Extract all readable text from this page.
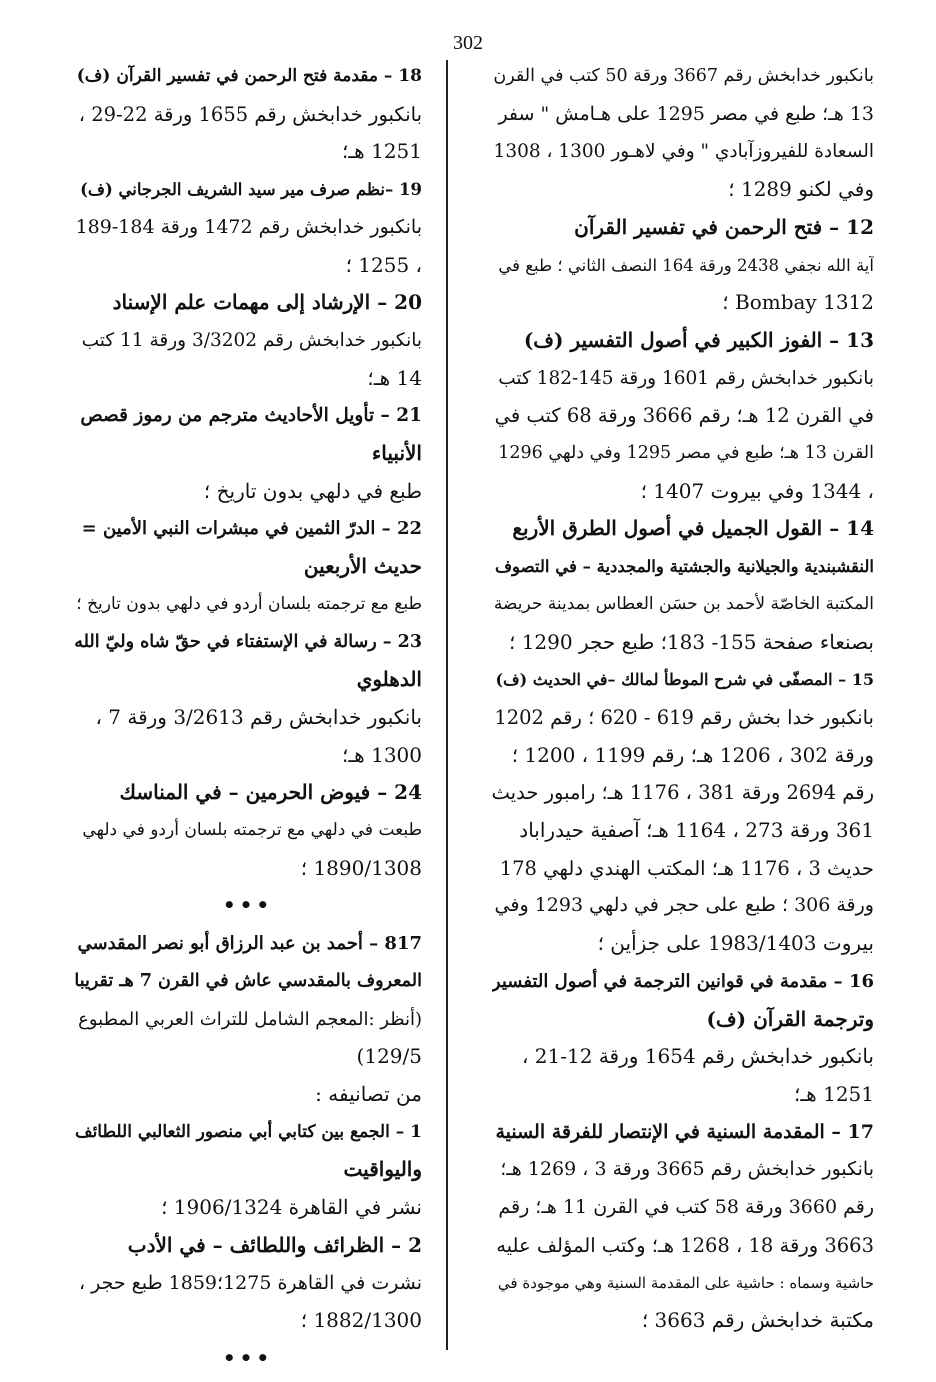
302
بانكبور خدابخش رقم 3667 ورقة 50 كتب في القرن
13 هـ؛ طبع في مصر 1295 على هـامش " سفر
السعادة للفيروزآبادي " وفي لاهـور 1300 ، 1308
وفي لكنو 1289 ؛
12 – فتح الرحمن في تفسير القرآن
آية الله نجفي 2438 ورقة 164 النصف الثاني ؛ طبع في
1312 Bombay ؛
13 – الفوز الكبير في أصول التفسير (ف)
بانكبور خدابخش رقم 1601 ورقة 145-182 كتب
في القرن 12 هـ؛ رقم 3666 ورقة 68 كتب في
القرن 13 هـ؛ طبع في مصر 1295 وفي دلهي 1296
، 1344 وفي بيروت 1407 ؛
14 – القول الجميل في أصول الطرق الأربع
النقشبندية والجيلانية والجشتية والمجددية – في التصوف
المكتبة الخاصّة لأحمد بن حسَن العطاس بمدينة حريضة
بصنعاء صفحة 155- 183؛ طبع حجر 1290 ؛
15 – المصفّى في شرح الموطأ لمالك –في الحديث (ف)
بانكبور خدا بخش رقم 619 - 620 ؛ رقم 1202
ورقة 302 ، 1206 هـ؛ رقم 1199 ، 1200 ؛
رقم 2694 ورقة 381 ، 1176 هـ؛ رامبور حديث
361 ورقة 273 ، 1164 هـ؛ آصفية حيدراباد
حديث 3 ، 1176 هـ؛ المكتب الهندي دلهي 178
ورقة 306 ؛ طبع على حجر في دلهي 1293 وفي
بيروت 1983/1403 على جزأين ؛
16 – مقدمة في قوانين الترجمة في أصول التفسير
وترجمة القرآن (ف)
بانكبور خدابخش رقم 1654 ورقة 12-21 ،
1251 هـ؛
17 – المقدمة السنية في الإنتصار للفرقة السنية
بانكبور خدابخش رقم 3665 ورقة 3 ، 1269 هـ؛
رقم 3660 ورقة 58 كتب في القرن 11 هـ؛ رقم
3663 ورقة 18 ، 1268 هـ؛ وكتب المؤلف عليه
حاشية وسماه : حاشية على المقدمة السنية وهي موجودة في
مكتبة خدابخش رقم 3663 ؛
18 – مقدمة فتح الرحمن في تفسير القرآن (ف)
بانكبور خدابخش رقم 1655 ورقة 22-29 ،
1251 هـ؛
19 –نظم صرف مير سيد الشريف الجرجاني (ف)
بانكبور خدابخش رقم 1472 ورقة 184-189
، 1255 ؛
20 – الإرشاد إلى مهمات علم الإسناد
بانكبور خدابخش رقم 3/3202 ورقة 11 كتب
14 هـ؛
21 – تأويل الأحاديث مترجم من رموز قصص
الأنبياء
طبع في دلهي بدون تاريخ ؛
22 – الدرّ الثمين في مبشرات النبي الأمين =
حديث الأربعين
طبع مع ترجمته بلسان أردو في دلهي بدون تاريخ ؛
23 – رسالة في الإستفتاء في حقّ شاه وليّ الله
الدهلوي
بانكبور خدابخش رقم 3/2613 ورقة 7 ،
1300 هـ؛
24 – فيوض الحرمين – في المناسك
طبعت في دلهي مع ترجمته بلسان أردو في دلهي
1890/1308 ؛
•••
817 – أحمد بن عبد الرزاق أبو نصر المقدسي
المعروف بالمقدسي عاش في القرن 7 هـ تقريبا
(أنظر :المعجم الشامل للتراث العربي المطبوع
129/5)
من تصانيفه :
1 – الجمع بين كتابي أبي منصور الثعالبي اللطائف
واليواقيت
نشر في القاهرة 1906/1324 ؛
2 – الظرائف واللطائف – في الأدب
نشرت في القاهرة 1275؛1859 طبع حجر ،
1882/1300 ؛
•••
